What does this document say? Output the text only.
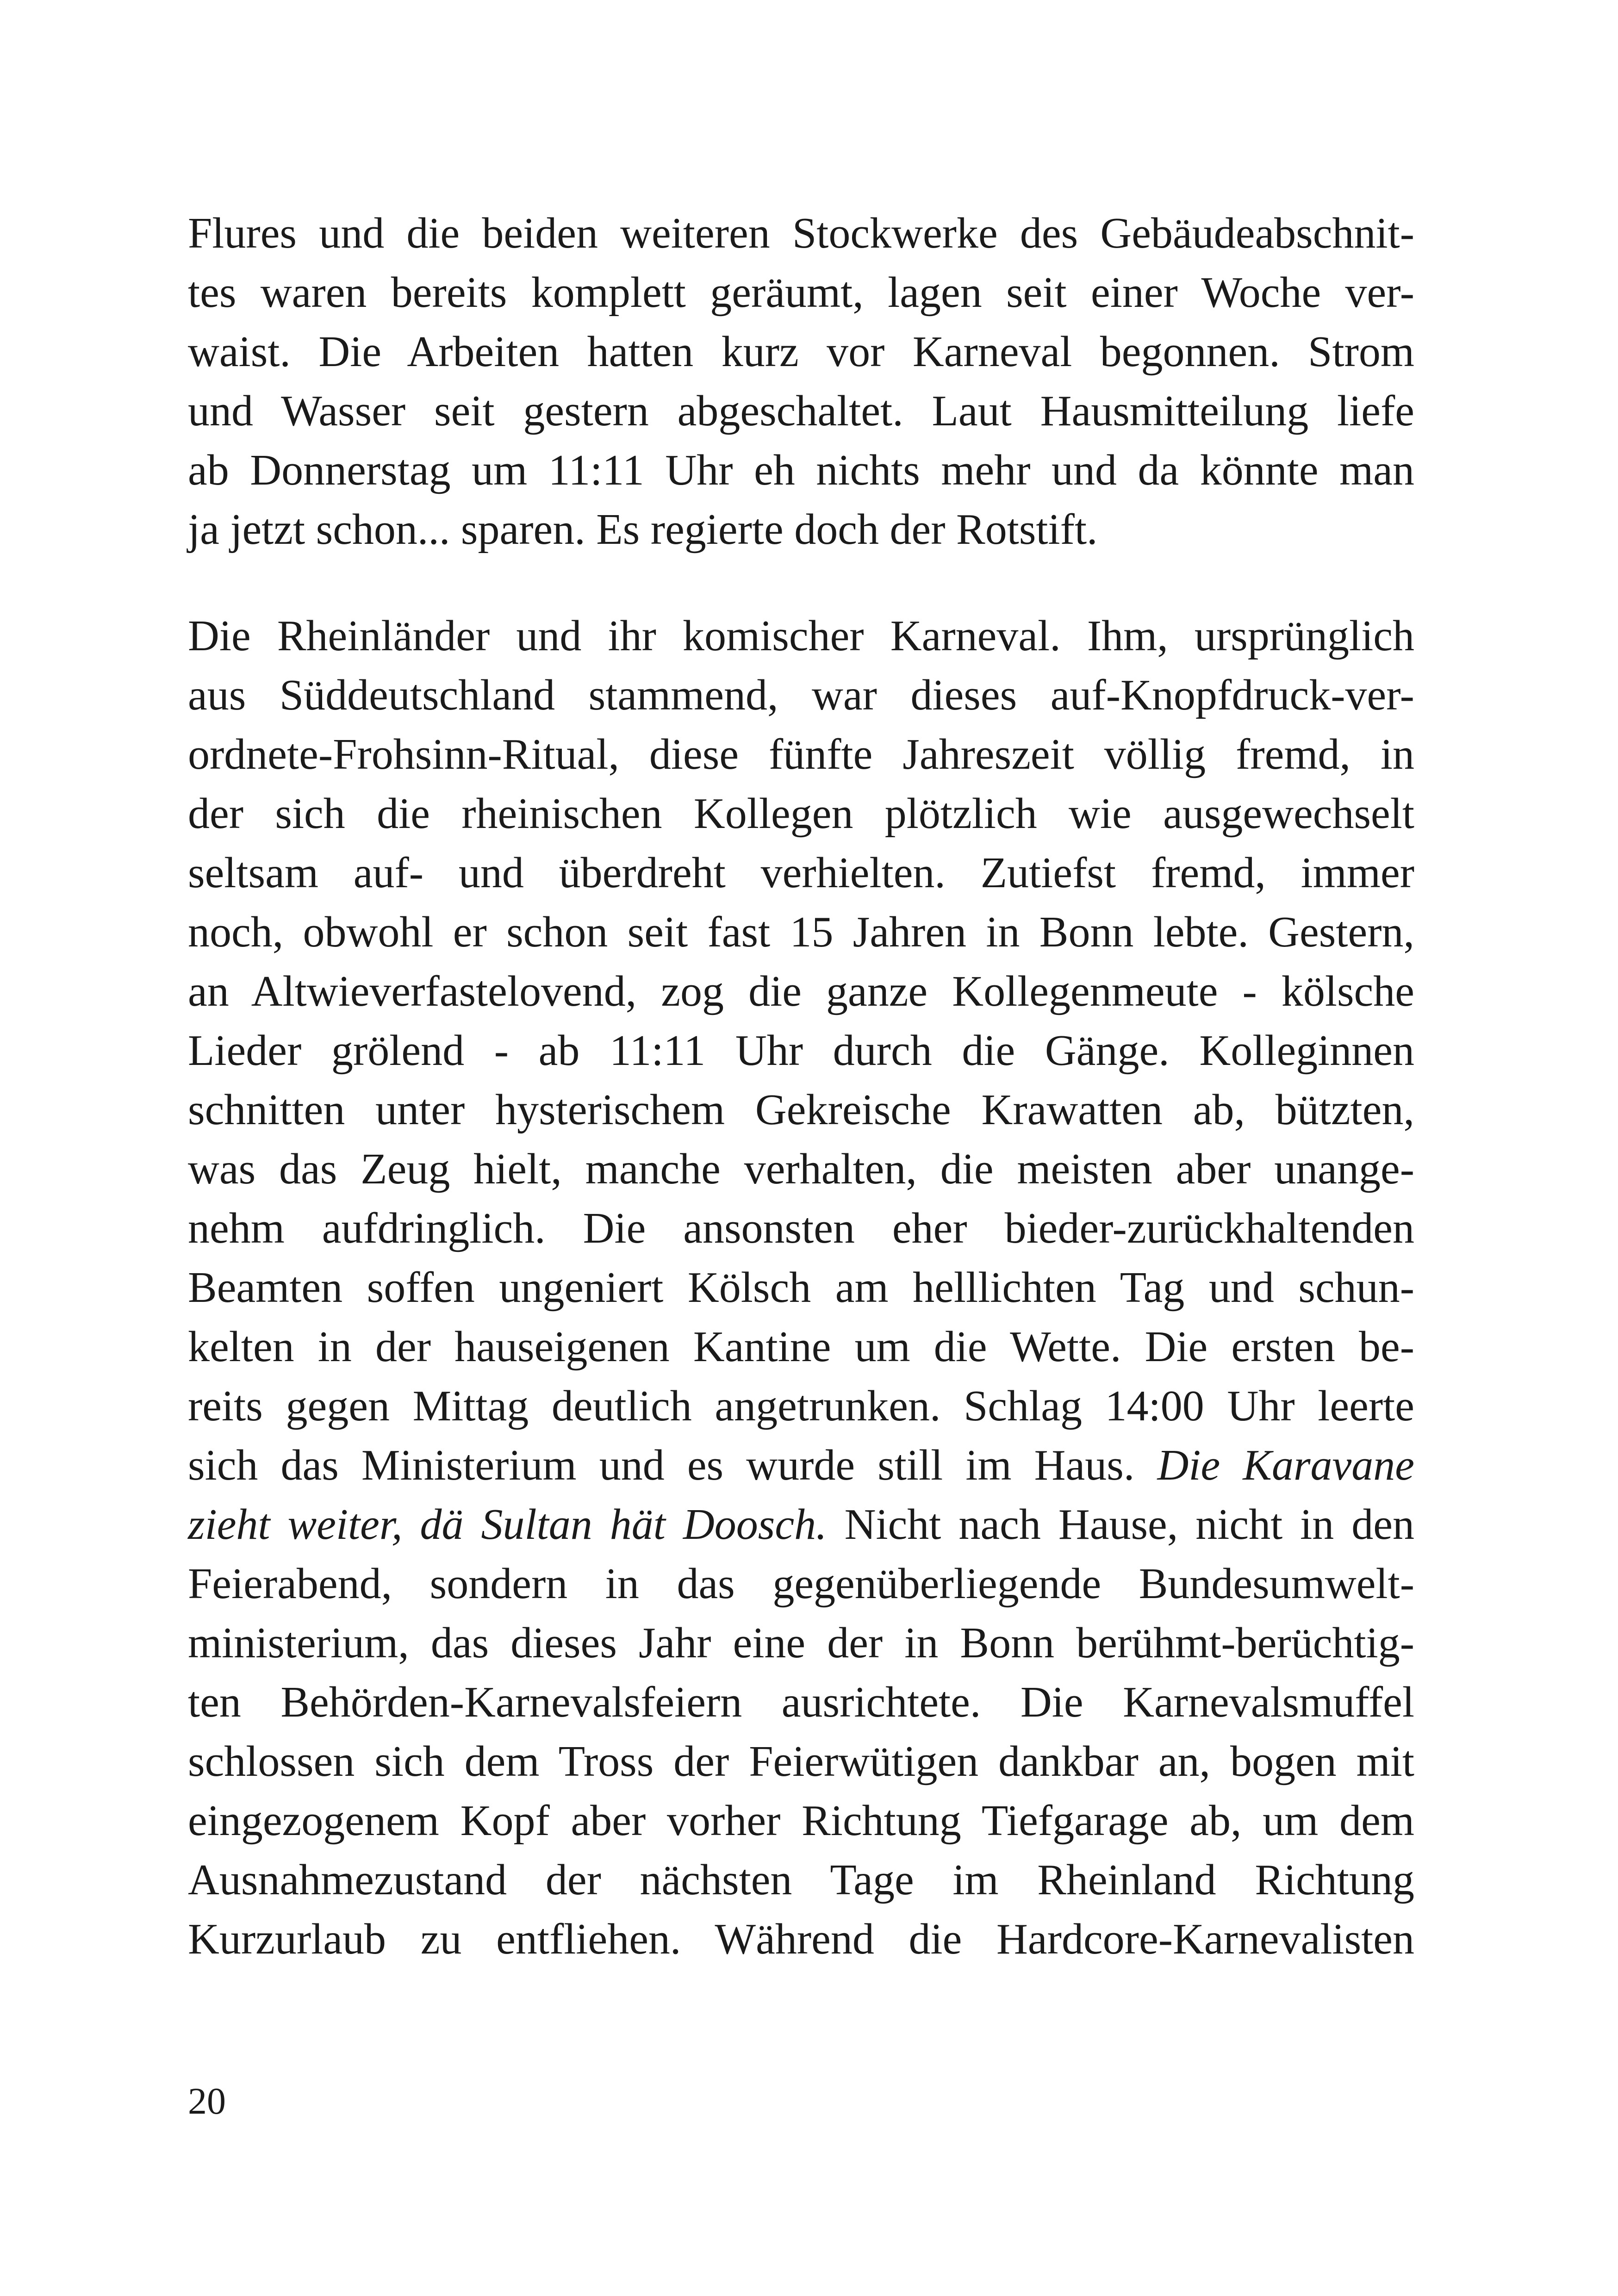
Flures und die beiden weiteren Stockwerke des Gebäudeabschnit-
tes waren bereits komplett geräumt, lagen seit einer Woche ver-
waist. Die Arbeiten hatten kurz vor Karneval begonnen. Strom
und Wasser seit gestern abgeschaltet. Laut Hausmitteilung liefe
ab Donnerstag um 11:11 Uhr eh nichts mehr und da könnte man
ja jetzt schon... sparen. Es regierte doch der Rotstift.
Die Rheinländer und ihr komischer Karneval. Ihm, ursprünglich
aus Süddeutschland stammend, war dieses auf-Knopfdruck-ver-
ordnete-Frohsinn-Ritual, diese fünfte Jahreszeit völlig fremd, in
der sich die rheinischen Kollegen plötzlich wie ausgewechselt
seltsam auf- und überdreht verhielten. Zutiefst fremd, immer
noch, obwohl er schon seit fast 15 Jahren in Bonn lebte. Gestern,
an Altwieverfastelovend, zog die ganze Kollegenmeute - kölsche
Lieder grölend - ab 11:11 Uhr durch die Gänge. Kolleginnen
schnitten unter hysterischem Gekreische Krawatten ab, bützten,
was das Zeug hielt, manche verhalten, die meisten aber unange-
nehm aufdringlich. Die ansonsten eher bieder-zurückhaltenden
Beamten soffen ungeniert Kölsch am helllichten Tag und schun-
kelten in der hauseigenen Kantine um die Wette. Die ersten be-
reits gegen Mittag deutlich angetrunken. Schlag 14:00 Uhr leerte
sich das Ministerium und es wurde still im Haus. Die Karavane
zieht weiter, dä Sultan hät Doosch. Nicht nach Hause, nicht in den
Feierabend, sondern in das gegenüberliegende Bundesumwelt-
ministerium, das dieses Jahr eine der in Bonn berühmt-berüchtig-
ten Behörden-Karnevalsfeiern ausrichtete. Die Karnevalsmuffel
schlossen sich dem Tross der Feierwütigen dankbar an, bogen mit
eingezogenem Kopf aber vorher Richtung Tiefgarage ab, um dem
Ausnahmezustand der nächsten Tage im Rheinland Richtung
Kurzurlaub zu entfliehen. Während die Hardcore-Karnevalisten

20
